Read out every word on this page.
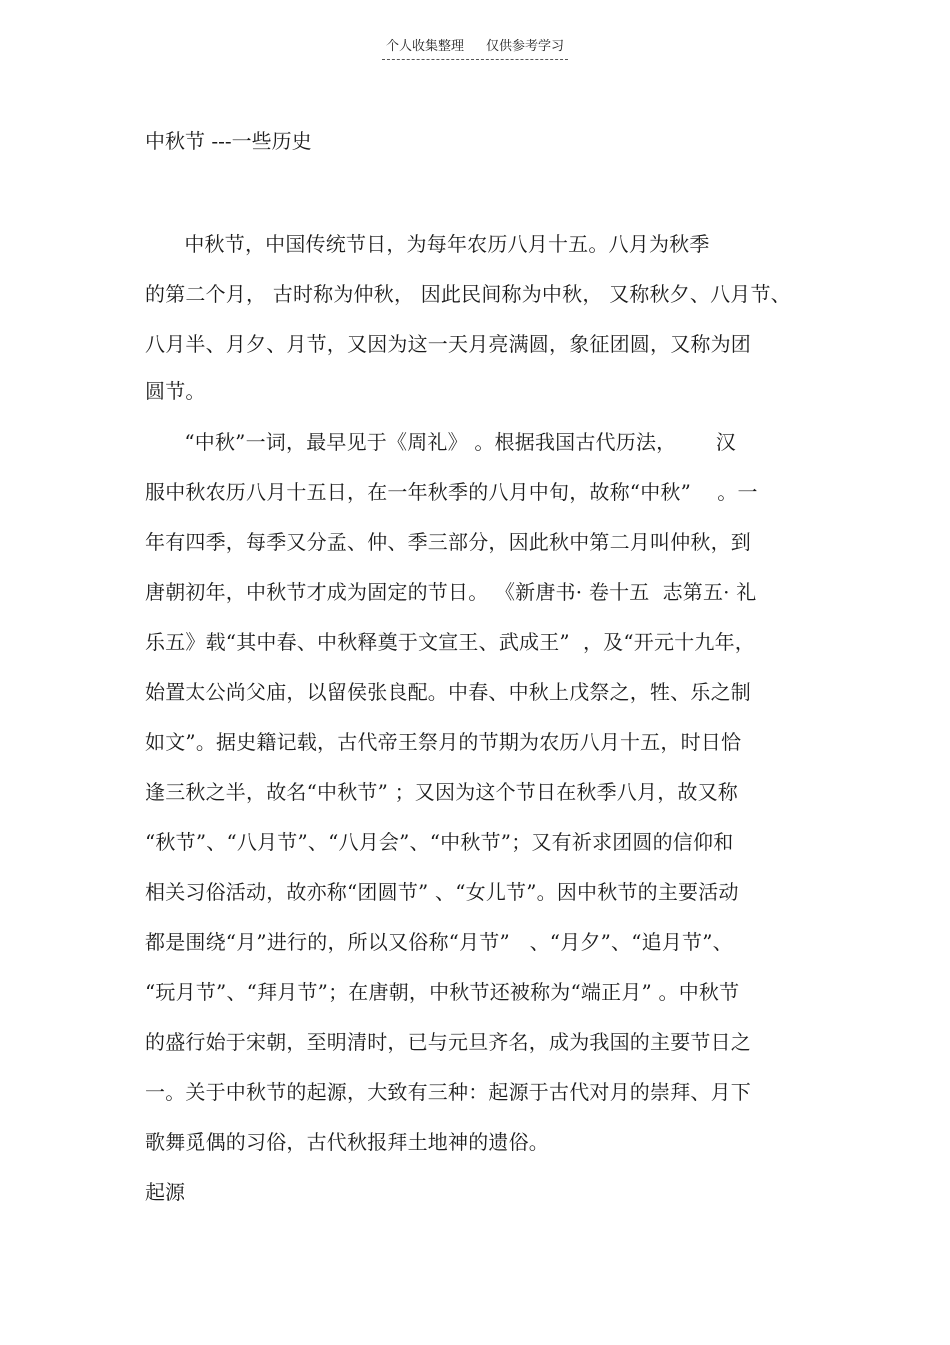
个人收集整理 仅供参考学习
中秋节 ---一些历史
中秋节，中国传统节日，为每年农历八月十五。八月为秋季
的第二个月， 古时称为仲秋， 因此民间称为中秋， 又称秋夕、八月节、
八月半、月夕、月节，又因为这一天月亮满圆，象征团圆，又称为团
圆节。
“中秋”一词，最早见于《周礼》 。根据我国古代历法，      汉
服中秋农历八月十五日，在一年秋季的八月中旬，故称“中秋”    。一
年有四季，每季又分孟、仲、季三部分，因此秋中第二月叫仲秋，到
唐朝初年，中秋节才成为固定的节日。 《新唐书· 卷十五  志第五· 礼
乐五》载“其中春、中秋释奠于文宣王、武成王”  ，及“开元十九年，
始置太公尚父庙，以留侯张良配。中春、中秋上戊祭之，牲、乐之制
如文”。据史籍记载，古代帝王祭月的节期为农历八月十五，时日恰
逢三秋之半，故名“中秋节” ；又因为这个节日在秋季八月，故又称
“秋节”、“八月节”、“八月会”、“中秋节”；又有祈求团圆的信仰和
相关习俗活动，故亦称“团圆节” 、“女儿节”。因中秋节的主要活动
都是围绕“月”进行的，所以又俗称“月节”   、“月夕”、“追月节”、
“玩月节”、“拜月节”；在唐朝，中秋节还被称为“端正月” 。中秋节
的盛行始于宋朝，至明清时，已与元旦齐名，成为我国的主要节日之
一。关于中秋节的起源，大致有三种：起源于古代对月的崇拜、月下
歌舞觅偶的习俗，古代秋报拜土地神的遗俗。
起源
